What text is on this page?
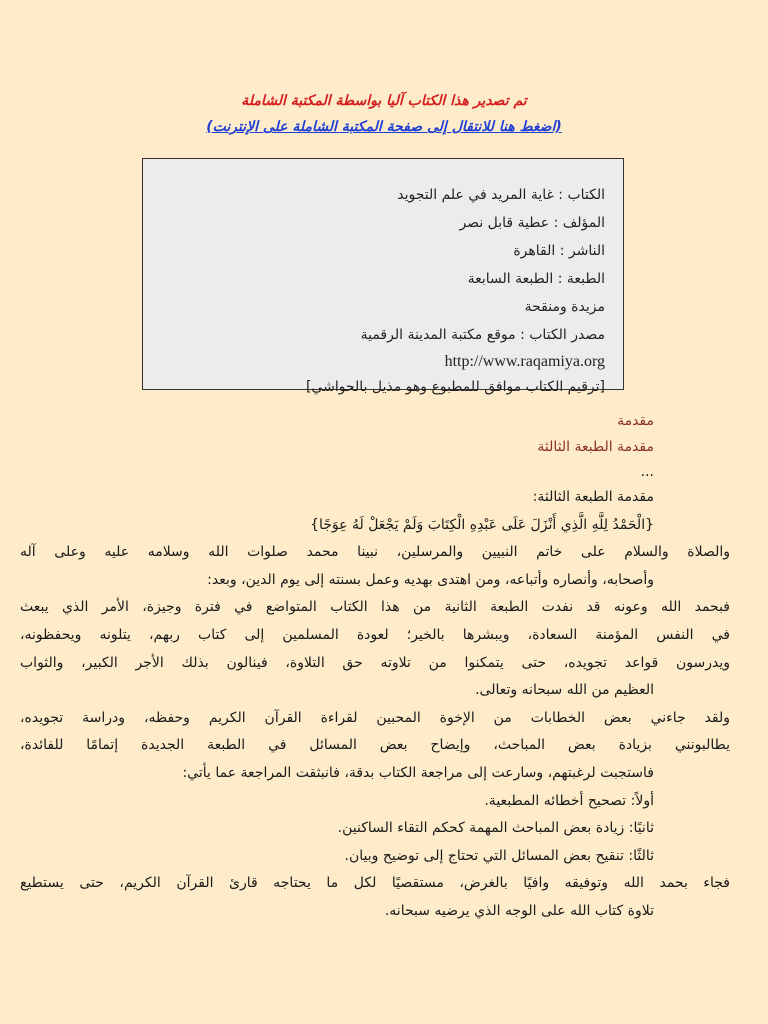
تم تصدير هذا الكتاب آليا بواسطة المكتبة الشاملة
(اضغط هنا للانتقال إلى صفحة المكتبة الشاملة على الإنترنت)
الكتاب : غاية المريد في علم التجويد
المؤلف : عطية قابل نصر
الناشر : القاهرة
الطبعة : الطبعة السابعة
مزيدة ومنقحة
مصدر الكتاب : موقع مكتبة المدينة الرقمية
http://www.raqamiya.org
[ترقيم الكتاب موافق للمطبوع وهو مذيل بالحواشي]
مقدمة
مقدمة الطبعة الثالثة
...
مقدمة الطبعة الثالثة:
{الْحَمْدُ لِلَّهِ الَّذِي أَنْزَلَ عَلَى عَبْدِهِ الْكِتَابَ وَلَمْ يَجْعَلْ لَهُ عِوَجًا}
والصلاة والسلام على خاتم النبيين والمرسلين، نبينا محمد صلوات الله وسلامه عليه وعلى آله
وأصحابه، وأنصاره وأتباعه، ومن اهتدى بهديه وعمل بسنته إلى يوم الدين، وبعد:
فبحمد الله وعونه قد نفدت الطبعة الثانية من هذا الكتاب المتواضع في فترة وجيزة، الأمر الذي يبعث
في النفس المؤمنة السعادة، ويبشرها بالخير؛ لعودة المسلمين إلى كتاب ربهم، يتلونه ويحفظونه،
ويدرسون قواعد تجويده، حتى يتمكنوا من تلاوته حق التلاوة، فينالون بذلك الأجر الكبير، والثواب
العظيم من الله سبحانه وتعالى.
ولقد جاءني بعض الخطابات من الإخوة المحبين لقراءة القرآن الكريم وحفظه، ودراسة تجويده،
يطالبونني بزيادة بعض المباحث، وإيضاح بعض المسائل في الطبعة الجديدة إتمامًا للفائدة،
فاستجبت لرغبتهم، وسارعت إلى مراجعة الكتاب بدقة، فانبثقت المراجعة عما يأتي:
أولاً: تصحيح أخطائه المطبعية.
ثانيًا: زيادة بعض المباحث المهمة كحكم التقاء الساكنين.
ثالثًا: تنقيح بعض المسائل التي تحتاج إلى توضيح وبيان.
فجاء بحمد الله وتوفيقه وافيًا بالغرض، مستقصيًا لكل ما يحتاجه قارئ القرآن الكريم، حتى يستطيع
تلاوة كتاب الله على الوجه الذي يرضيه سبحانه.
